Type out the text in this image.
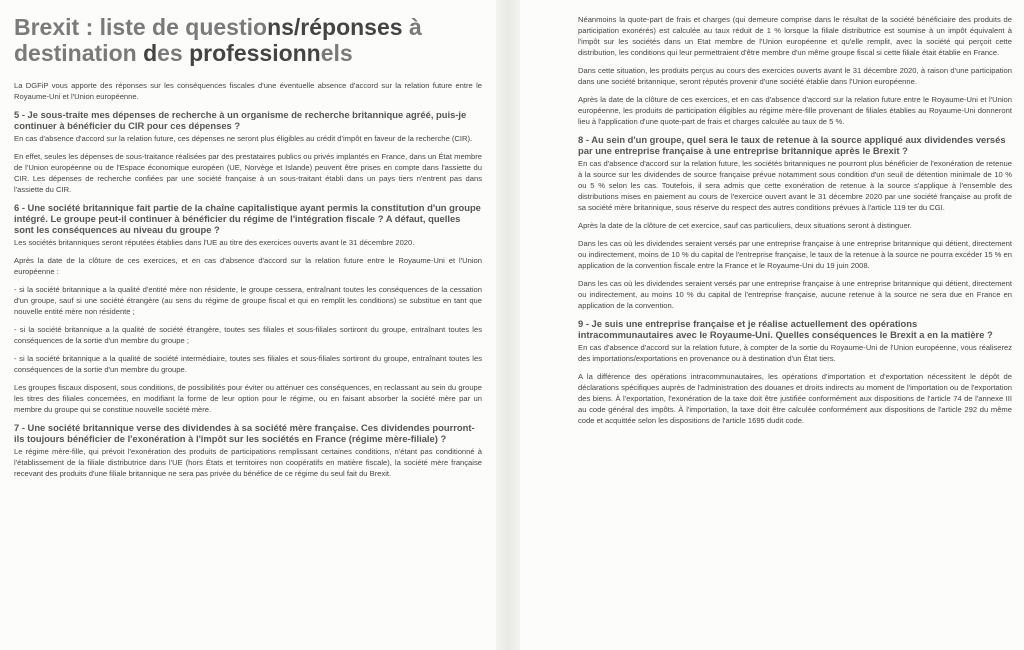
Brexit : liste de questions/réponses à
destination des professionnels

La DGFiP vous apporte des réponses sur les conséquences fiscales d'une éventuelle absence d'accord sur la relation future entre le Royaume-Uni et l'Union européenne.

5 - Je sous-traite mes dépenses de recherche à un organisme de recherche britannique agréé, puis-je continuer à bénéficier du CIR pour ces dépenses ?

En cas d'absence d'accord sur la relation future, ces dépenses ne seront plus éligibles au crédit d'impôt en faveur de la recherche (CIR).

En effet, seules les dépenses de sous-traitance réalisées par des prestataires publics ou privés implantés en France, dans un État membre de l'Union européenne ou de l'Espace économique européen (UE, Norvège et Islande) peuvent être prises en compte dans l'assiette du CIR. Les dépenses de recherche confiées par une société française à un sous-traitant établi dans un pays tiers n'entrent pas dans l'assiette du CIR.

6 - Une société britannique fait partie de la chaîne capitalistique ayant permis la constitution d'un groupe intégré. Le groupe peut-il continuer à bénéficier du régime de l'intégration fiscale ? A défaut, quelles sont les conséquences au niveau du groupe ?

Les sociétés britanniques seront réputées établies dans l'UE au titre des exercices ouverts avant le 31 décembre 2020.

Après la date de la clôture de ces exercices, et en cas d'absence d'accord sur la relation future entre le Royaume-Uni et l'Union européenne :

- si la société britannique a la qualité d'entité mère non résidente, le groupe cessera, entraînant toutes les conséquences de la cessation d'un groupe, sauf si une société étrangère (au sens du régime de groupe fiscal et qui en remplit les conditions) se substitue en tant que nouvelle entité mère non résidente ;

- si la société britannique a la qualité de société étrangère, toutes ses filiales et sous-filiales sortiront du groupe, entraînant toutes les conséquences de la sortie d'un membre du groupe ;

- si la société britannique a la qualité de société intermédiaire, toutes ses filiales et sous-filiales sortiront du groupe, entraînant toutes les conséquences de la sortie d'un membre du groupe.

Les groupes fiscaux disposent, sous conditions, de possibilités pour éviter ou atténuer ces conséquences, en reclassant au sein du groupe les titres des filiales concernées, en modifiant la forme de leur option pour le régime, ou en faisant absorber la société mère par un membre du groupe qui se constitue nouvelle société mère.

7 - Une société britannique verse des dividendes à sa société mère française. Ces dividendes pourront-ils toujours bénéficier de l'exonération à l'impôt sur les sociétés en France (régime mère-filiale) ?

Le régime mère-fille, qui prévoit l'exonération des produits de participations remplissant certaines conditions, n'étant pas conditionné à l'établissement de la filiale distributrice dans l'UE (hors États et territoires non coopératifs en matière fiscale), la société mère française recevant des produits d'une filiale britannique ne sera pas privée du bénéfice de ce régime du seul fait du Brexit.

Néanmoins la quote-part de frais et charges (qui demeure comprise dans le résultat de la société bénéficiaire des produits de participation exonérés) est calculée au taux réduit de 1 % lorsque la filiale distributrice est soumise à un impôt équivalent à l'impôt sur les sociétés dans un Etat membre de l'Union européenne et qu'elle remplit, avec la société qui perçoit cette distribution, les conditions qui leur permettraient d'être membre d'un même groupe fiscal si cette filiale était établie en France.

Dans cette situation, les produits perçus au cours des exercices ouverts avant le 31 décembre 2020, à raison d'une participation dans une société britannique, seront réputés provenir d'une société établie dans l'Union européenne.

Après la date de la clôture de ces exercices, et en cas d'absence d'accord sur la relation future entre le Royaume-Uni et l'Union européenne, les produits de participation éligibles au régime mère-fille provenant de filiales établies au Royaume-Uni donneront lieu à l'application d'une quote-part de frais et charges calculée au taux de 5 %.

8 - Au sein d'un groupe, quel sera le taux de retenue à la source appliqué aux dividendes versés par une entreprise française à une entreprise britannique après le Brexit ?

En cas d'absence d'accord sur la relation future, les sociétés britanniques ne pourront plus bénéficier de l'exonération de retenue à la source sur les dividendes de source française prévue notamment sous condition d'un seuil de détention minimale de 10 % ou 5 % selon les cas. Toutefois, il sera admis que cette exonération de retenue à la source s'applique à l'ensemble des distributions mises en paiement au cours de l'exercice ouvert avant le 31 décembre 2020 par une société française au profit de sa société mère britannique, sous réserve du respect des autres conditions prévues à l'article 119 ter du CGI.

Après la date de la clôture de cet exercice, sauf cas particuliers, deux situations seront à distinguer.

Dans les cas où les dividendes seraient versés par une entreprise française à une entreprise britannique qui détient, directement ou indirectement, moins de 10 % du capital de l'entreprise française, le taux de la retenue à la source ne pourra excéder 15 % en application de la convention fiscale entre la France et le Royaume-Uni du 19 juin 2008.

Dans les cas où les dividendes seraient versés par une entreprise française à une entreprise britannique qui détient, directement ou indirectement, au moins 10 % du capital de l'entreprise française, aucune retenue à la source ne sera due en France en application de la convention.

9 - Je suis une entreprise française et je réalise actuellement des opérations intracommunautaires avec le Royaume-Uni. Quelles conséquences le Brexit a en la matière ?

En cas d'absence d'accord sur la relation future, à compter de la sortie du Royaume-Uni de l'Union européenne, vous réaliserez des importations/exportations en provenance ou à destination d'un État tiers.

A la différence des opérations intracommunautaires, les opérations d'importation et d'exportation nécessitent le dépôt de déclarations spécifiques auprès de l'administration des douanes et droits indirects au moment de l'importation ou de l'exportation des biens. À l'exportation, l'exonération de la taxe doit être justifiée conformément aux dispositions de l'article 74 de l'annexe III au code général des impôts. À l'importation, la taxe doit être calculée conformément aux dispositions de l'article 292 du même code et acquittée selon les dispositions de l'article 1695 dudit code.
